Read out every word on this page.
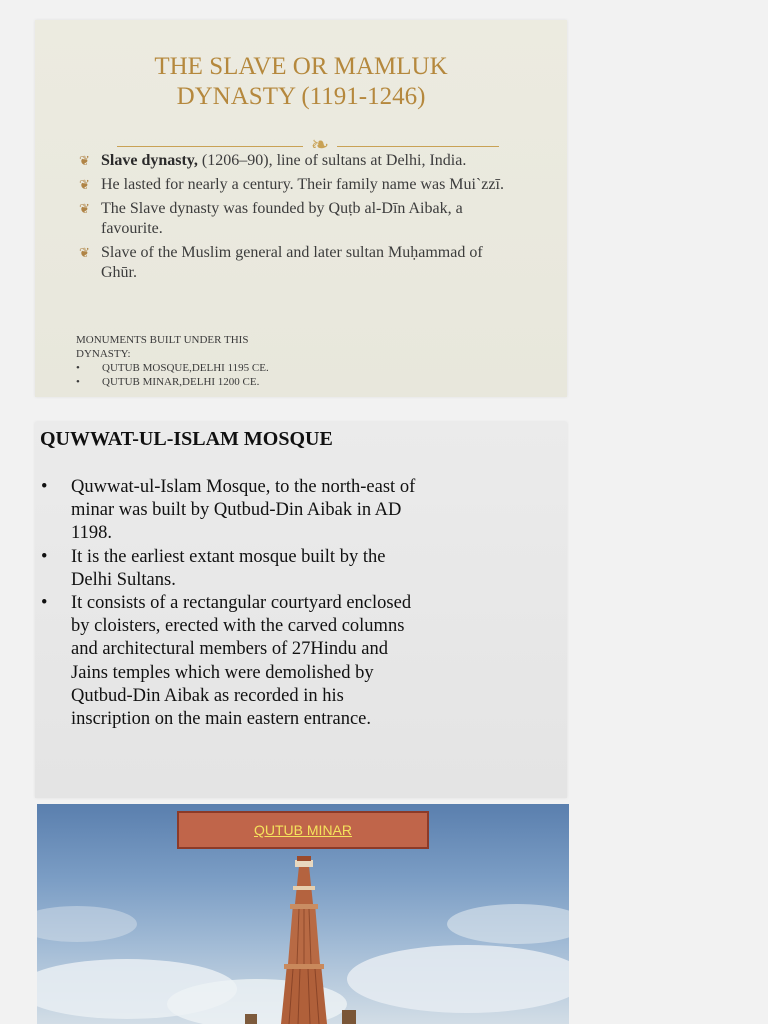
THE SLAVE OR MAMLUK
DYNASTY (1191-1246)
❧
❦ Slave dynasty, (1206–90), line of sultans at Delhi, India.
❦ He lasted for nearly a century. Their family name was Mui`zzī.
❦ The Slave dynasty was founded by Quṭb al-Dīn Aibak, a favourite.
❦ Slave of the Muslim general and later sultan Muḥammad of Ghūr.
MONUMENTS BUILT UNDER THIS
DYNASTY:
• QUTUB MOSQUE,DELHI 1195 CE.
• QUTUB MINAR,DELHI 1200 CE.
QUWWAT-UL-ISLAM MOSQUE
• Quwwat-ul-Islam Mosque, to the north-east of minar was built by Qutbud-Din Aibak in AD 1198.
• It is the earliest extant mosque built by the Delhi Sultans.
• It consists of a rectangular courtyard enclosed by cloisters, erected with the carved columns and architectural members of 27Hindu and Jains temples which were demolished by Qutbud-Din Aibak as recorded in his inscription on the main eastern entrance.
QUTUB MINAR
